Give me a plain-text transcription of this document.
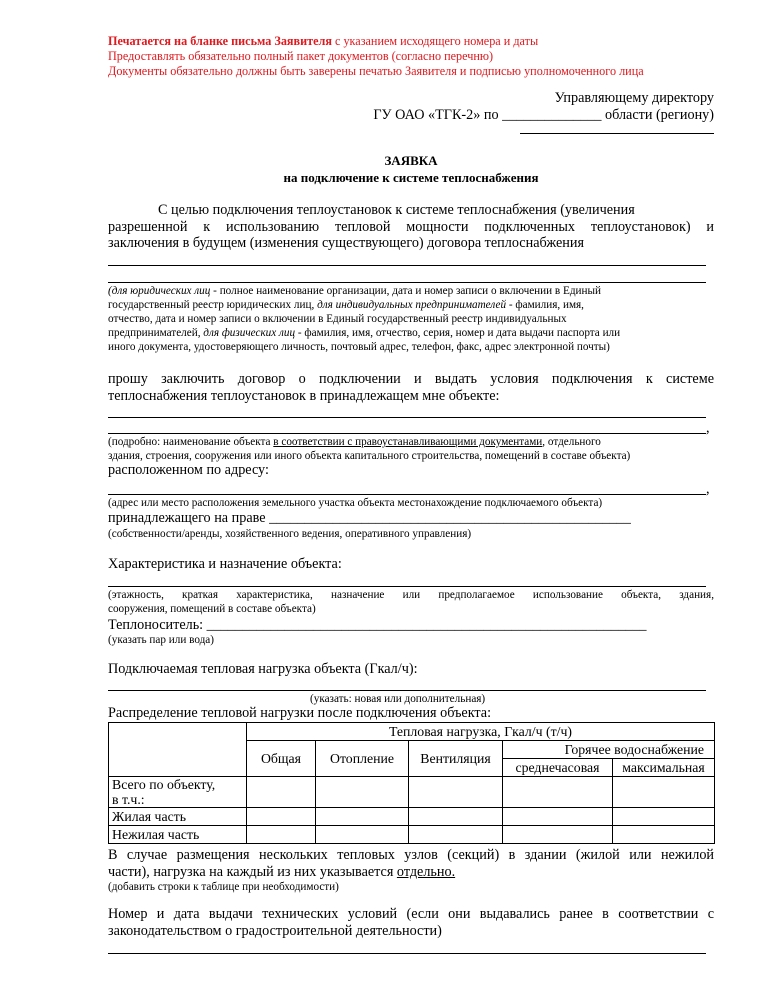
Печатается на бланке письма Заявителя с указанием исходящего номера и даты
Предоставлять обязательно полный пакет документов (согласно перечню)
Документы обязательно должны быть заверены печатью Заявителя и подписью уполномоченного лица
Управляющему директору
ГУ ОАО «ТГК-2» по ______________ области (региону)
ЗАЯВКА
на подключение к системе теплоснабжения
С целью подключения теплоустановок к системе теплоснабжения (увеличения
разрешенной к использованию тепловой мощности подключенных теплоустановок) и
заключения в будущем (изменения существующего) договора теплоснабжения
(для юридических лиц - полное наименование организации, дата и номер записи о включении в Единый
государственный реестр юридических лиц, для индивидуальных предпринимателей - фамилия, имя,
отчество, дата и номер записи о включении в Единый государственный реестр индивидуальных
предпринимателей, для физических лиц - фамилия, имя, отчество, серия, номер и дата выдачи паспорта или
иного документа, удостоверяющего личность, почтовый адрес, телефон, факс, адрес электронной почты)
прошу заключить договор о подключении и выдать условия подключения к системе
теплоснабжения теплоустановок в принадлежащем мне объекте:
,
(подробно: наименование объекта в соответствии с правоустанавливающими документами, отдельного
здания, строения, сооружения или иного объекта капитального строительства, помещений в составе объекта)
расположенном по адресу:
,
(адрес или место расположения земельного участка объекта местонахождение подключаемого объекта)
принадлежащего на праве ___________________________________________________
(собственности/аренды, хозяйственного ведения, оперативного управления)
Характеристика и назначение объекта:
(этажность, краткая характеристика, назначение или предполагаемое использование объекта, здания,
сооружения, помещений в составе объекта)
Теплоноситель: ______________________________________________________________
(указать пар или вода)
Подключаемая тепловая нагрузка объекта (Гкал/ч):
(указать: новая или дополнительная)
Распределение тепловой нагрузки после подключения объекта:
	Тепловая нагрузка, Гкал/ч (т/ч)				
	Общая	Отопление	Вентиляция	Горячее водоснабжение	
				среднечасовая	максимальная

Всего по объекту,
в т.ч.:					

Жилая часть					
Нежилая часть					
В случае размещения нескольких тепловых узлов (секций) в здании (жилой или нежилой
части), нагрузка на каждый из них указывается отдельно.
(добавить строки к таблице при необходимости)
Номер и дата выдачи технических условий (если они выдавались ранее в соответствии с
законодательством о градостроительной деятельности)
